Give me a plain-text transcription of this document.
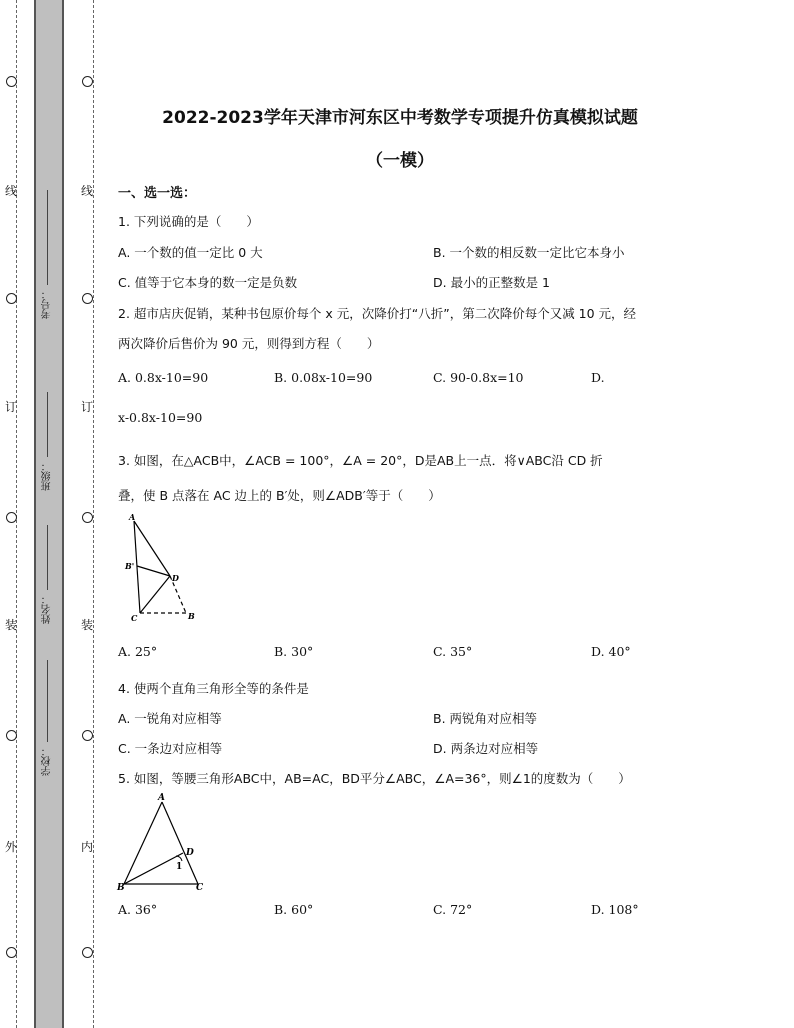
线
订
装
外
线
订
装
内
考号：
班级：
姓名：
学校：
2022-2023学年天津市河东区中考数学专项提升仿真模拟试题
（一模）
一、选一选：
1. 下列说确的是（　　）
A. 一个数的值一定比 0 大	B. 一个数的相反数一定比它本身小
C. 值等于它本身的数一定是负数	D. 最小的正整数是 1
2. 超市店庆促销，某种书包原价每个 x 元，次降价打“八折”，第二次降价每个又减 10 元，经
两次降价后售价为 90 元，则得到方程（　　）
A. 0.8x-10=90	B. 0.08x-10=90	C. 90-0.8x=10	D.
x-0.8x-10=90
3. 如图，在△ACB中，∠ACB = 100°，∠A = 20°，D是AB上一点．将∨ABC沿 CD 折
叠，使 B 点落在 AC 边上的 B′处，则∠ADB′等于（　　）
A
B'
D
C	B
A. 25°	B. 30°	C. 35°	D. 40°
4. 使两个直角三角形全等的条件是
A. 一锐角对应相等	B. 两锐角对应相等
C. 一条边对应相等	D. 两条边对应相等
5. 如图，等腰三角形ABC中，AB=AC，BD平分∠ABC，∠A=36°，则∠1的度数为（　　）
A
D
1
B	C
A. 36°	B. 60°	C. 72°	D. 108°
